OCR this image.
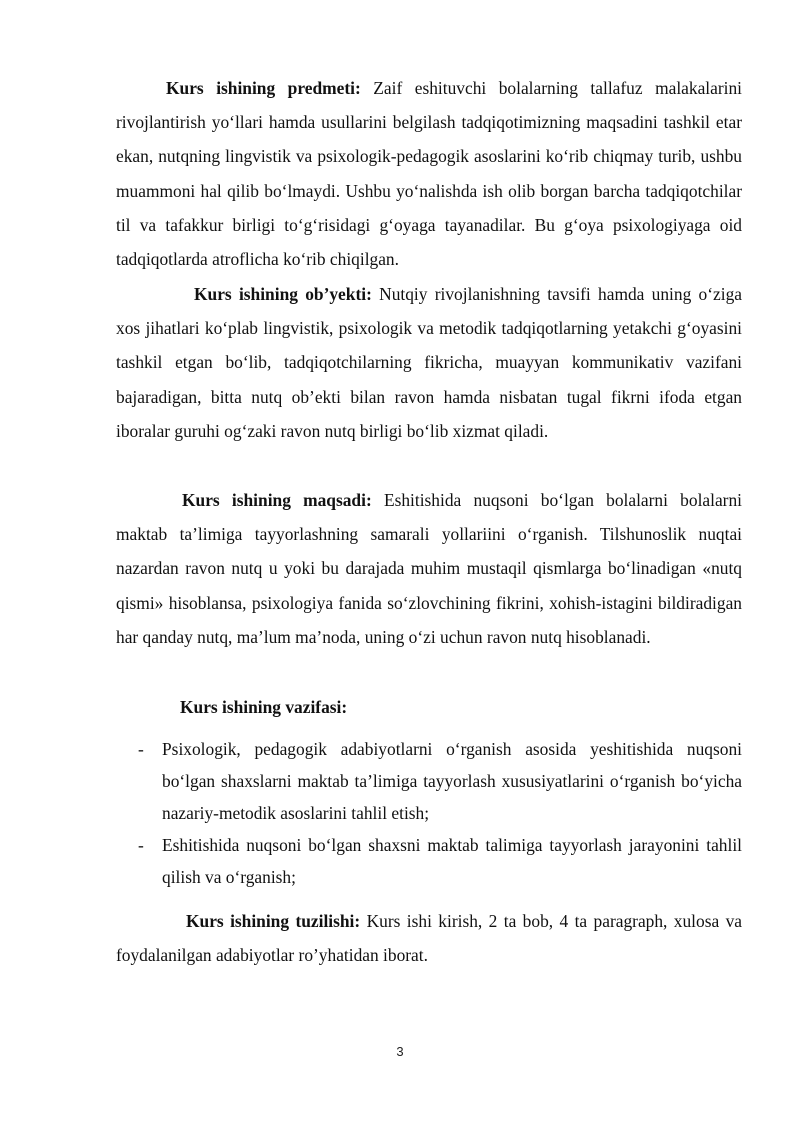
Kurs ishining predmeti: Zaif eshituvchi bolalarning tallafuz malakalarini rivojlantirish yo‘llari hamda usullarini belgilash tadqiqotimizning maqsadini tashkil etar ekan, nutqning lingvistik va psixologik-pedagogik asoslarini ko‘rib chiqmay turib, ushbu muammoni hal qilib bo‘lmaydi. Ushbu yo‘nalishda ish olib borgan barcha tadqiqotchilar til va tafakkur birligi to‘g‘risidagi g‘oyaga tayanadilar. Bu g‘oya psixologiyaga oid tadqiqotlarda atroflicha ko‘rib chiqilgan.

Kurs ishining ob’yekti: Nutqiy rivojlanishning tavsifi hamda uning o‘ziga xos jihatlari ko‘plab lingvistik, psixologik va metodik tadqiqotlarning yetakchi g‘oyasini tashkil etgan bo‘lib, tadqiqotchilarning fikricha, muayyan kommunikativ vazifani bajaradigan, bitta nutq ob’ekti bilan ravon hamda nisbatan tugal fikrni ifoda etgan iboralar guruhi og‘zaki ravon nutq birligi bo‘lib xizmat qiladi.

Kurs ishining maqsadi: Eshitishida nuqsoni bo‘lgan bolalarni bolalarni maktab ta’limiga tayyorlashning samarali yollariini o‘rganish. Tilshunoslik nuqtai nazardan ravon nutq u yoki bu darajada muhim mustaqil qismlarga bo‘linadigan «nutq qismi» hisoblansa, psixologiya fanida so‘zlovchining fikrini, xohish-istagini bildiradigan har qanday nutq, ma’lum ma’noda, uning o‘zi uchun ravon nutq hisoblanadi.

Kurs ishining vazifasi:
- Psixologik, pedagogik adabiyotlarni o‘rganish asosida yeshitishida nuqsoni bo‘lgan shaxslarni maktab ta’limiga tayyorlash xususiyatlarini o‘rganish bo‘yicha nazariy-metodik asoslarini tahlil etish;
- Eshitishida nuqsoni bo‘lgan shaxsni maktab talimiga tayyorlash jarayonini tahlil qilish va o‘rganish;

Kurs ishining tuzilishi: Kurs ishi kirish, 2 ta bob, 4 ta paragraph, xulosa va foydalanilgan adabiyotlar ro’yhatidan iborat.

3
